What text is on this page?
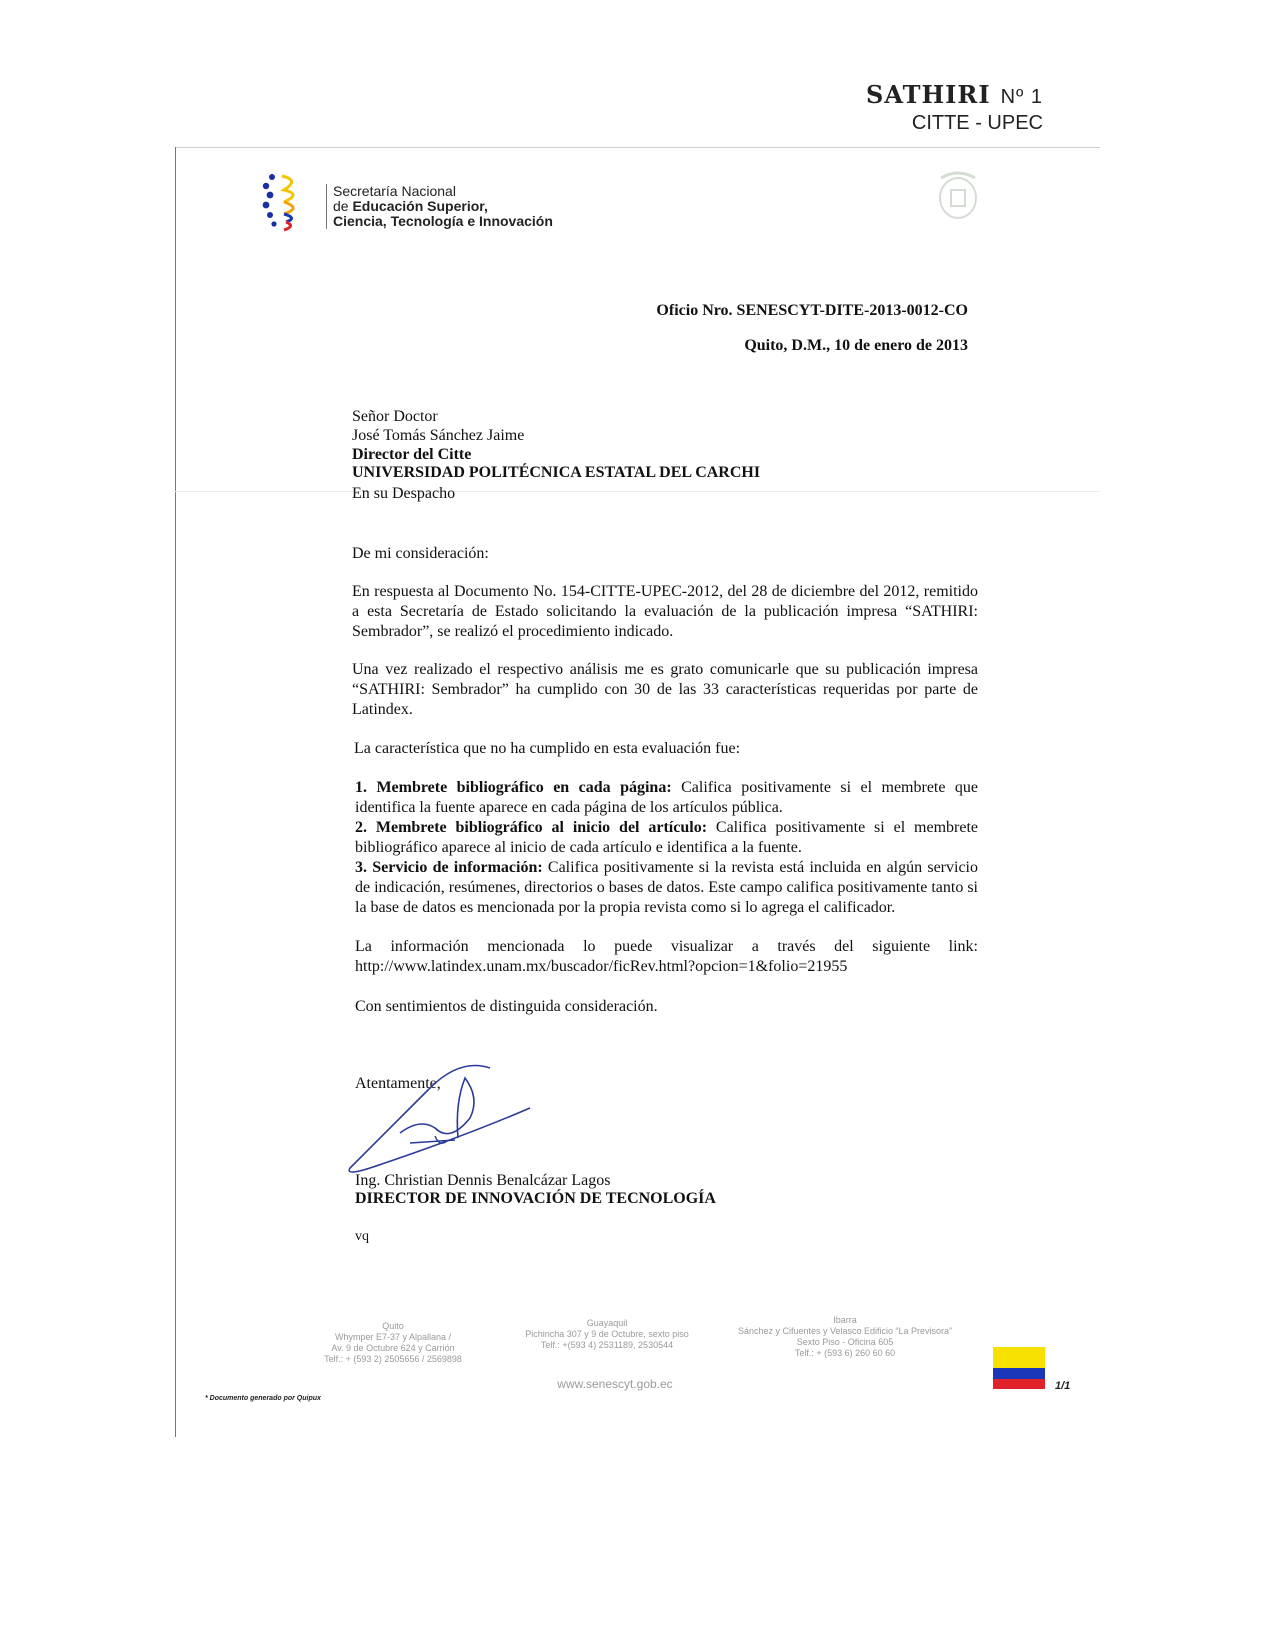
SATHIRI Nº 1
CITTE - UPEC
Secretaría Nacional
de Educación Superior,
Ciencia, Tecnología e Innovación
Oficio Nro. SENESCYT-DITE-2013-0012-CO
Quito, D.M., 10 de enero de 2013
Señor Doctor
José Tomás Sánchez Jaime
Director del Citte
UNIVERSIDAD POLITÉCNICA ESTATAL DEL CARCHI
En su Despacho
De mi consideración:
En respuesta al Documento No. 154-CITTE-UPEC-2012, del 28 de diciembre del 2012, remitido a esta Secretaría de Estado solicitando la evaluación de la publicación impresa “SATHIRI: Sembrador”, se realizó el procedimiento indicado.
Una vez realizado el respectivo análisis me es grato comunicarle que su publicación impresa “SATHIRI: Sembrador” ha cumplido con 30 de las 33 características requeridas por parte de Latindex.
La característica que no ha cumplido en esta evaluación fue:
1. Membrete bibliográfico en cada página: Califica positivamente si el membrete que identifica la fuente aparece en cada página de los artículos pública.
2. Membrete bibliográfico al inicio del artículo: Califica positivamente si el membrete bibliográfico aparece al inicio de cada artículo e identifica a la fuente.
3. Servicio de información: Califica positivamente si la revista está incluida en algún servicio de indicación, resúmenes, directorios o bases de datos. Este campo califica positivamente tanto si la base de datos es mencionada por la propia revista como si lo agrega el calificador.
La información mencionada lo puede visualizar a través del siguiente link:
http://www.latindex.unam.mx/buscador/ficRev.html?opcion=1&folio=21955
Con sentimientos de distinguida consideración.
Atentamente,
Ing. Christian Dennis Benalcázar Lagos
DIRECTOR DE INNOVACIÓN DE TECNOLOGÍA
vq
Quito
Whymper E7-37 y Alpallana /
Av. 9 de Octubre 624 y Carrión
Telf.: + (593 2) 2505656 / 2569898
Guayaquil
Pichincha 307 y 9 de Octubre, sexto piso
Telf.: +(593 4) 2531189, 2530544
Ibarra
Sánchez y Cifuentes y Velasco Edificio “La Previsora”
Sexto Piso - Oficina 605
Telf.: + (593 6) 260 60 60
www.senescyt.gob.ec	1/1
* Documento generado por Quipux
